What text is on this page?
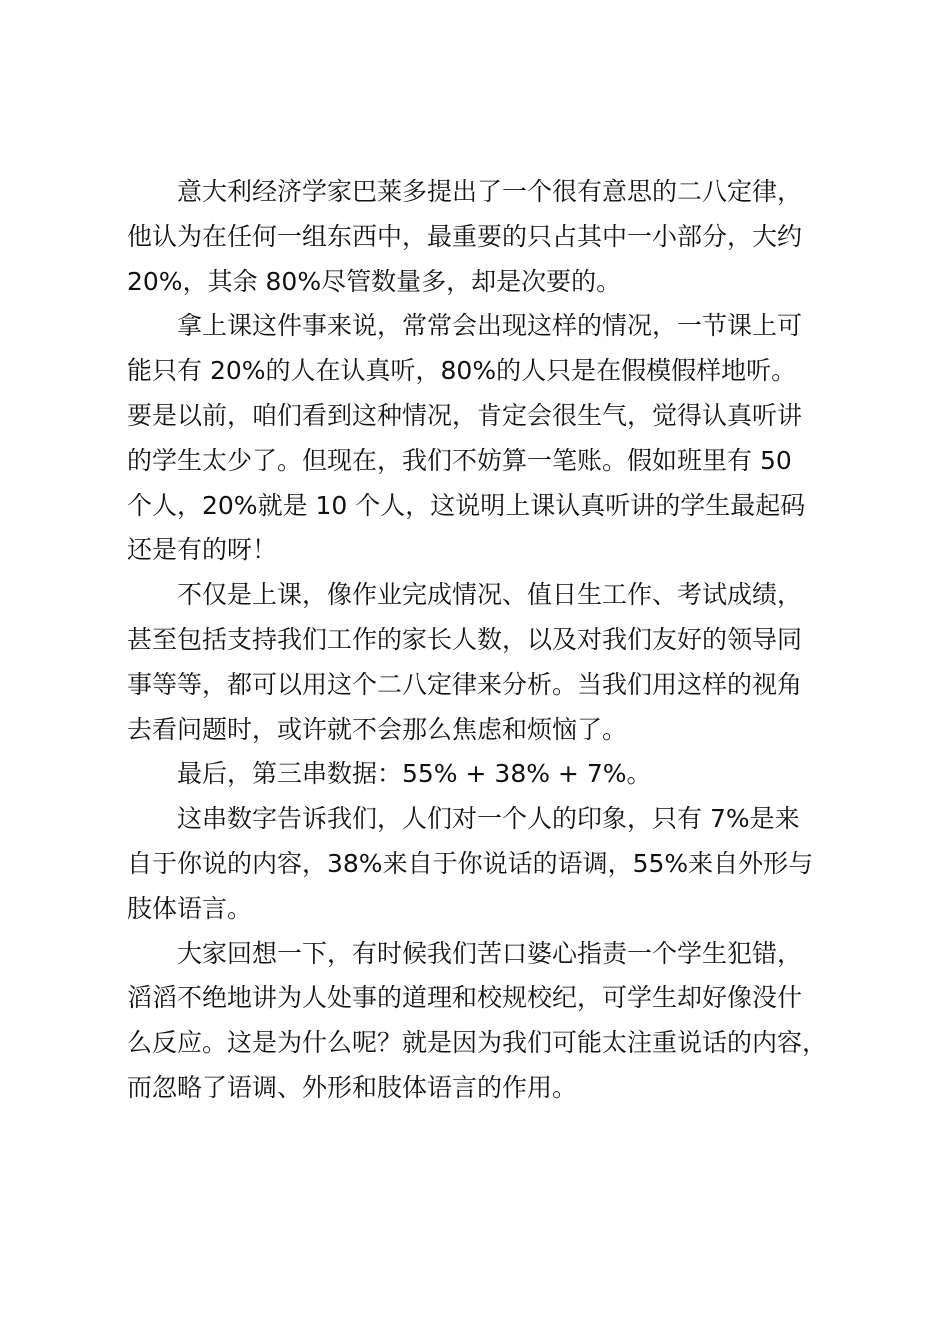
意大利经济学家巴莱多提出了一个很有意思的二八定律，
他认为在任何一组东西中，最重要的只占其中一小部分，大约
20%，其余 80%尽管数量多，却是次要的。
拿上课这件事来说，常常会出现这样的情况，一节课上可
能只有 20%的人在认真听，80%的人只是在假模假样地听。
要是以前，咱们看到这种情况，肯定会很生气，觉得认真听讲
的学生太少了。但现在，我们不妨算一笔账。假如班里有 50
个人，20%就是 10 个人，这说明上课认真听讲的学生最起码
还是有的呀！
不仅是上课，像作业完成情况、值日生工作、考试成绩，
甚至包括支持我们工作的家长人数，以及对我们友好的领导同
事等等，都可以用这个二八定律来分析。当我们用这样的视角
去看问题时，或许就不会那么焦虑和烦恼了。
最后，第三串数据：55% + 38% + 7%。
这串数字告诉我们，人们对一个人的印象，只有 7%是来
自于你说的内容，38%来自于你说话的语调，55%来自外形与
肢体语言。
大家回想一下，有时候我们苦口婆心指责一个学生犯错，
滔滔不绝地讲为人处事的道理和校规校纪，可学生却好像没什
么反应。这是为什么呢？就是因为我们可能太注重说话的内容，
而忽略了语调、外形和肢体语言的作用。
